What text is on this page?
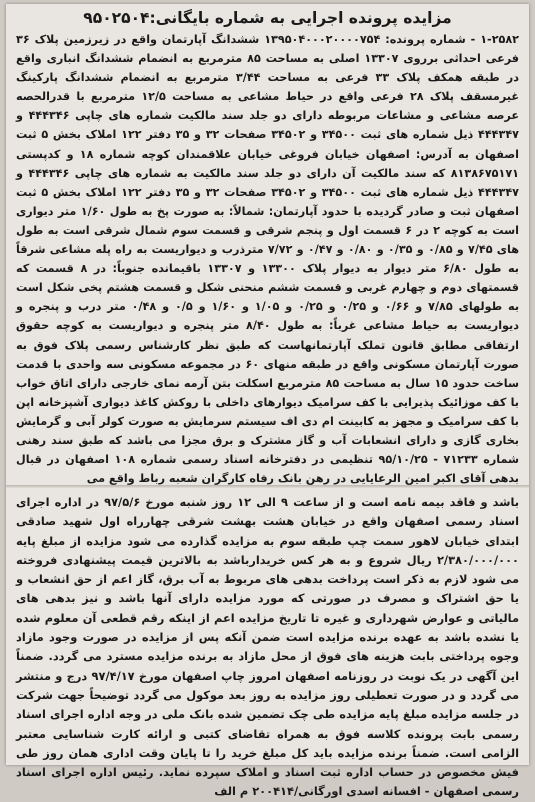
مزایده پرونده اجرایی به شماره بایگانی:۹۵۰۲۵۰۴

۱-۲۵۸۲ - شماره پرونده: ۱۳۹۵۰۴۰۰۰۲۰۰۰۰۷۵۴ ششدانگ آپارتمان واقع در زیرزمین پلاک ۳۶ فرعی احداثی برروی ۱۳۳۰۷ اصلی به مساحت ۸۵ مترمربع به انضمام ششدانگ انباری واقع در طبقه همکف پلاک ۳۳ فرعی به مساحت ۳/۴۴ مترمربع به انضمام ششدانگ پارکینگ غیرمسقف پلاک ۲۸ فرعی واقع در حیاط مشاعی به مساحت ۱۲/۵ مترمربع با قدرالحصه عرصه مشاعی و مشاعات مربوطه دارای دو جلد سند مالکیت شماره های چاپی ۴۴۴۳۴۶ و ۴۴۴۳۴۷ ذیل شماره های ثبت ۳۴۵۰۰ و ۳۴۵۰۲ صفحات ۳۲ و ۳۵ دفتر ۱۲۲ املاک بخش ۵ ثبت اصفهان به آدرس: اصفهان خیابان فروغی خیابان علاقمندان کوچه شماره ۱۸ و کدپستی ۸۱۳۸۶۷۵۱۷۱ که سند مالکیت آن دارای دو جلد سند مالکیت به شماره های چاپی ۴۴۴۳۴۶ و ۴۴۴۳۴۷ ذیل شماره های ثبت ۳۴۵۰۰ و ۳۴۵۰۲ صفحات ۳۲ و ۳۵ دفتر ۱۲۲ املاک بخش ۵ ثبت اصفهان ثبت و صادر گردیده با حدود آپارتمان: شمالاً: به صورت پخ به طول ۱/۶۰ متر دیواری است به کوچه ۲ در ۶ قسمت اول و پنجم شرقی و قسمت سوم شمال شرقی است به طول های ۷/۴۵ و ۰/۸۵ و ۰/۳۵ و ۰/۸۰ و ۰/۴۷ و ۷/۷۲ مترذرب و دیواریست به راه پله مشاعی شرقاً به طول ۶/۸۰ متر دیوار به دیوار پلاک ۱۳۳۰۰ و ۱۳۳۰۷ باقیمانده جنوباً: در ۸ قسمت که قسمتهای دوم و چهارم غربی و قسمت ششم منحنی شکل و قسمت هشتم پخی شکل است به طولهای ۷/۸۵ و ۰/۶۶ و ۰/۲۵ و ۰/۲۵ و ۱/۰۵ و ۱/۶۰ و ۰/۵ و ۰/۴۸ متر درب و پنجره و دیواریست به حیاط مشاعی غرباً: به طول ۸/۴۰ متر پنجره و دیواریست به کوچه حقوق ارتفاقی مطابق قانون تملک آپارتمانهاست که طبق نظر کارشناس رسمی پلاک فوق به صورت آپارتمان مسکونی واقع در طبقه منهای ۶۰ در مجموعه مسکونی سه واحدی با قدمت ساخت حدود ۱۵ سال به مساحت ۸۵ مترمربع اسکلت بتن آرمه نمای خارجی دارای اتاق خواب با کف موزائیک پذیرایی با کف سرامیک دیوارهای داخلی با روکش کاغذ دیواری آشپزخانه اپن با کف سرامیک و مجهز به کابینت ام دی اف سیستم سرمایش به صورت کولر آبی و گرمایش بخاری گازی و دارای انشعابات آب و گاز مشترک و برق مجزا می باشد که طبق سند رهنی شماره ۷۱۲۳۳ - ۹۵/۱۰/۲۵ تنظیمی در دفترخانه اسناد رسمی شماره ۱۰۸ اصفهان در قبال بدهی آقای اکبر امین الرعایایی در رهن بانک رفاه کارگران شعبه رباط واقع می

باشد و فاقد بیمه نامه است و از ساعت ۹ الی ۱۲ روز شنبه مورخ ۹۷/۵/۶ در اداره اجرای اسناد رسمی اصفهان واقع در خیابان هشت بهشت شرقی چهارراه اول شهید صادقی ابتدای خیابان لاهور سمت چپ طبقه سوم به مزایده گذارده می شود مزایده از مبلغ پایه ۲/۳۸۰/۰۰۰/۰۰۰ ریال شروع و به هر کس خریدارباشد به بالاترین قیمت پیشنهادی فروخته می شود لازم به ذکر است پرداخت بدهی های مربوط به آب برق، گاز اعم از حق انشعاب و یا حق اشتراک و مصرف در صورتی که مورد مزایده دارای آنها باشد و نیز بدهی های مالیاتی و عوارض شهرداری و غیره تا تاریخ مزایده اعم از اینکه رقم قطعی آن معلوم شده یا نشده باشد به عهده برنده مزایده است ضمن آنکه پس از مزایده در صورت وجود مازاد وجوه پرداختی بابت هزینه های فوق از محل مازاد به برنده مزایده مسترد می گردد. ضمناً این آگهی در یک نوبت در روزنامه اصفهان امروز چاپ اصفهان مورخ ۹۷/۴/۱۷ درج و منتشر می گردد و در صورت تعطیلی روز مزایده به روز بعد موکول می گردد توضیحاً جهت شرکت در جلسه مزایده مبلغ پایه مزایده طی چک تضمین شده بانک ملی در وجه اداره اجرای اسناد رسمی بابت پرونده کلاسه فوق به همراه تقاضای کتبی و ارائه کارت شناسایی معتبر الزامی است. ضمناً برنده مزایده باید کل مبلغ خرید را تا پایان وقت اداری همان روز طی فیش مخصوص در حساب اداره ثبت اسناد و املاک سپرده نماید. رئیس اداره اجرای اسناد رسمی اصفهان - افسانه اسدی اورگانی/۲۰۰۴۱۴ م الف
